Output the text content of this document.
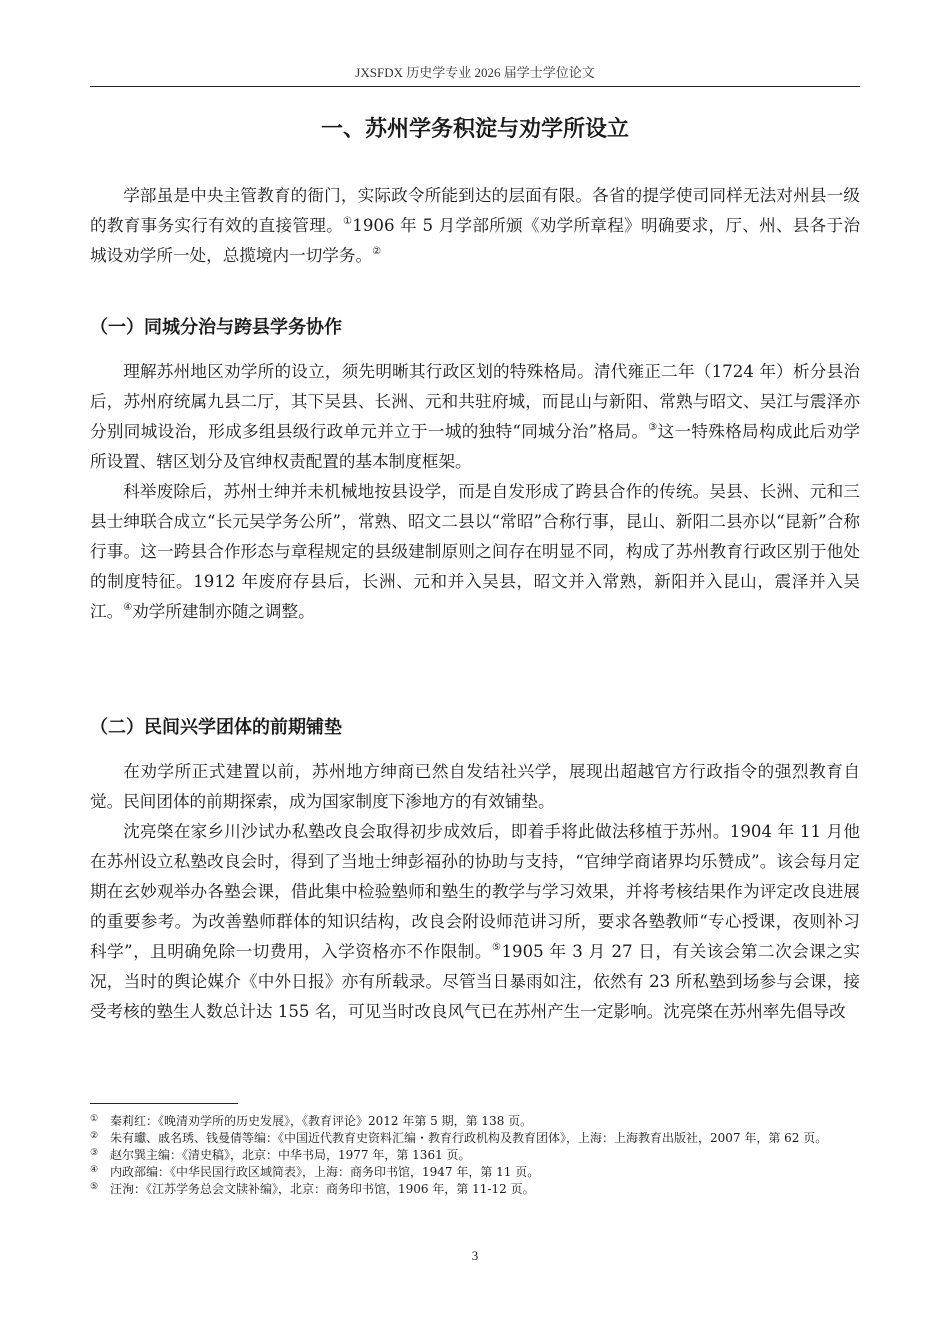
JXSFDX 历史学专业 2026 届学士学位论文
一、苏州学务积淀与劝学所设立

学部虽是中央主管教育的衙门，实际政令所能到达的层面有限。各省的提学使司同样无法对州县一级的教育事务实行有效的直接管理。①1906 年 5 月学部所颁《劝学所章程》明确要求，厅、州、县各于治城设劝学所一处，总揽境内一切学务。②

（一）同城分治与跨县学务协作

理解苏州地区劝学所的设立，须先明晰其行政区划的特殊格局。清代雍正二年（1724 年）析分县治后，苏州府统属九县二厅，其下吴县、长洲、元和共驻府城，而昆山与新阳、常熟与昭文、吴江与震泽亦分别同城设治，形成多组县级行政单元并立于一城的独特“同城分治”格局。③这一特殊格局构成此后劝学所设置、辖区划分及官绅权责配置的基本制度框架。

科举废除后，苏州士绅并未机械地按县设学，而是自发形成了跨县合作的传统。吴县、长洲、元和三县士绅联合成立“长元吴学务公所”，常熟、昭文二县以“常昭”合称行事，昆山、新阳二县亦以“昆新”合称行事。这一跨县合作形态与章程规定的县级建制原则之间存在明显不同，构成了苏州教育行政区别于他处的制度特征。1912 年废府存县后，长洲、元和并入吴县，昭文并入常熟，新阳并入昆山，震泽并入吴江。④劝学所建制亦随之调整。

（二）民间兴学团体的前期铺垫

在劝学所正式建置以前，苏州地方绅商已然自发结社兴学，展现出超越官方行政指令的强烈教育自觉。民间团体的前期探索，成为国家制度下渗地方的有效铺垫。

沈亮棨在家乡川沙试办私塾改良会取得初步成效后，即着手将此做法移植于苏州。1904 年 11 月他在苏州设立私塾改良会时，得到了当地士绅彭福孙的协助与支持，“官绅学商诸界均乐赞成”。该会每月定期在玄妙观举办各塾会课，借此集中检验塾师和塾生的教学与学习效果，并将考核结果作为评定改良进展的重要参考。为改善塾师群体的知识结构，改良会附设师范讲习所，要求各塾教师“专心授课，夜则补习科学”，且明确免除一切费用，入学资格亦不作限制。⑤1905 年 3 月 27 日，有关该会第二次会课之实况，当时的舆论媒介《中外日报》亦有所载录。尽管当日暴雨如注，依然有 23 所私塾到场参与会课，接受考核的塾生人数总计达 155 名，可见当时改良风气已在苏州产生一定影响。沈亮棨在苏州率先倡导改

① 秦莉红：《晚清劝学所的历史发展》，《教育评论》2012 年第 5 期，第 138 页。
② 朱有瓛、戚名琇、钱曼倩等编：《中国近代教育史资料汇编・教育行政机构及教育团体》，上海：上海教育出版社，2007 年，第 62 页。
③ 赵尔巽主编：《清史稿》，北京：中华书局，1977 年，第 1361 页。
④ 内政部编：《中华民国行政区域简表》，上海：商务印书馆，1947 年，第 11 页。
⑤ 汪洵：《江苏学务总会文牍补编》，北京：商务印书馆，1906 年，第 11-12 页。
3
